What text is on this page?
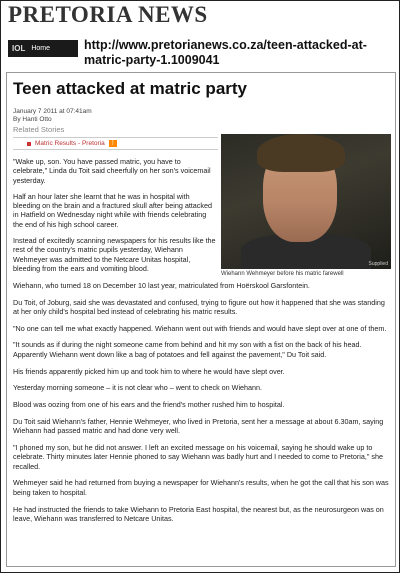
PRETORIA NEWS
IOL Home	http://www.pretorianews.co.za/teen-attacked-at-matric-party-1.1009041
Teen attacked at matric party
January 7 2011 at 07:41am
By Hanti Otto
Related Stories
Matric Results - Pretoria	)

"Wake up, son. You have passed matric, you have to celebrate," Linda du Toit said cheerfully on her son's voicemail yesterday.

Half an hour later she learnt that he was in hospital with bleeding on the brain and a fractured skull after being attacked in Hatfield on Wednesday night while with friends celebrating the end of his high school career.

Instead of excitedly scanning newspapers for his results like the rest of the country's matric pupils yesterday, Wiehann Wehmeyer was admitted to the Netcare Unitas hospital, bleeding from the ears and vomiting blood.

Wiehann, who turned 18 on December 10 last year, matriculated from Hoërskool Garsfontein.

Du Toit, of Joburg, said she was devastated and confused, trying to figure out how it happened that she was standing at her only child's hospital bed instead of celebrating his matric results.

"No one can tell me what exactly happened. Wiehann went out with friends and would have slept over at one of them.

"It sounds as if during the night someone came from behind and hit my son with a fist on the back of his head. Apparently Wiehann went down like a bag of potatoes and fell against the pavement," Du Toit said.

His friends apparently picked him up and took him to where he would have slept over.

Yesterday morning someone – it is not clear who – went to check on Wiehann.

Blood was oozing from one of his ears and the friend's mother rushed him to hospital.

Du Toit said Wiehann's father, Hennie Wehmeyer, who lived in Pretoria, sent her a message at about 6.30am, saying Wiehann had passed matric and had done very well.

"I phoned my son, but he did not answer. I left an excited message on his voicemail, saying he should wake up to celebrate. Thirty minutes later Hennie phoned to say Wiehann was badly hurt and I needed to come to Pretoria," she recalled.

Wehmeyer said he had returned from buying a newspaper for Wiehann's results, when he got the call that his son was being taken to hospital.

He had instructed the friends to take Wiehann to Pretoria East hospital, the nearest but, as the neurosurgeon was on leave, Wiehann was transferred to Netcare Unitas.

Supplied
Wiehann Wehmeyer before his matric farewell
